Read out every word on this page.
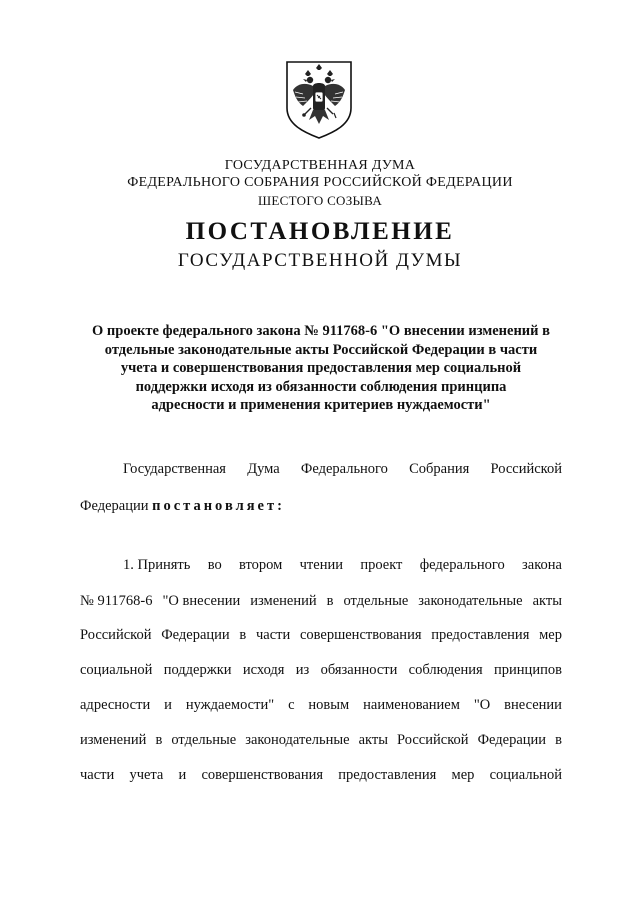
ГОСУДАРСТВЕННАЯ ДУМА
ФЕДЕРАЛЬНОГО СОБРАНИЯ РОССИЙСКОЙ ФЕДЕРАЦИИ
ШЕСТОГО СОЗЫВА
ПОСТАНОВЛЕНИЕ
ГОСУДАРСТВЕННОЙ ДУМЫ
О проекте федерального закона № 911768-6 "О внесении изменений в
отдельные законодательные акты Российской Федерации в части
учета и совершенствования предоставления мер социальной
поддержки исходя из обязанности соблюдения принципа
адресности и применения критериев нуждаемости"
Государственная Дума Федерального Собрания Российской
Федерации постановляет:
1. Принять во втором чтении проект федерального закона
№ 911768-6 "О внесении изменений в отдельные законодательные акты
Российской Федерации в части совершенствования предоставления мер
социальной поддержки исходя из обязанности соблюдения принципов
адресности и нуждаемости" с новым наименованием "О внесении
изменений в отдельные законодательные акты Российской Федерации в
части учета и совершенствования предоставления мер социальной
